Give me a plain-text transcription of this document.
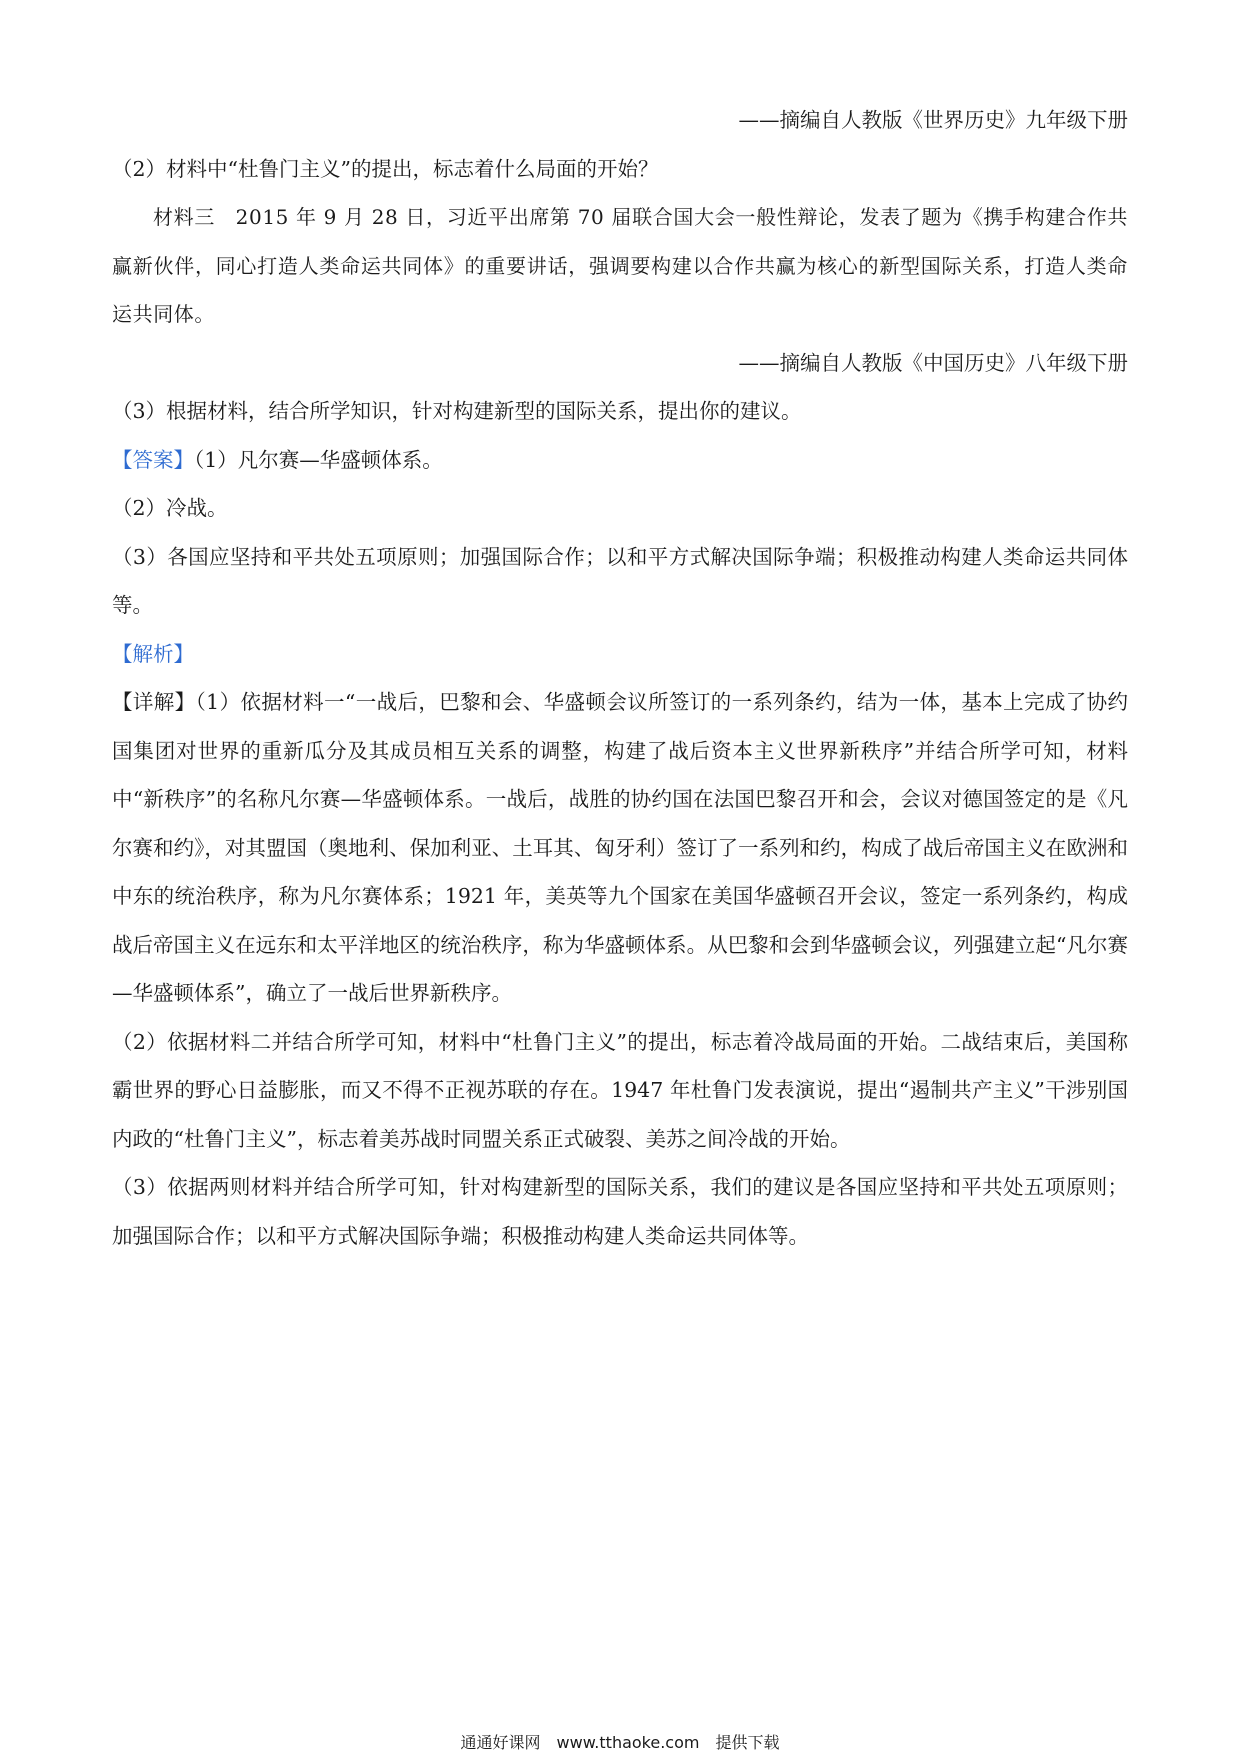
——摘编自人教版《世界历史》九年级下册
（2）材料中“杜鲁门主义”的提出，标志着什么局面的开始？
材料三　2015 年 9 月 28 日，习近平出席第 70 届联合国大会一般性辩论，发表了题为《携手构建合作共赢新伙伴，同心打造人类命运共同体》的重要讲话，强调要构建以合作共赢为核心的新型国际关系，打造人类命运共同体。
——摘编自人教版《中国历史》八年级下册
（3）根据材料，结合所学知识，针对构建新型的国际关系，提出你的建议。
【答案】（1）凡尔赛—华盛顿体系。
（2）冷战。
（3）各国应坚持和平共处五项原则；加强国际合作；以和平方式解决国际争端；积极推动构建人类命运共同体等。
【解析】
【详解】（1）依据材料一“一战后，巴黎和会、华盛顿会议所签订的一系列条约，结为一体，基本上完成了协约国集团对世界的重新瓜分及其成员相互关系的调整，构建了战后资本主义世界新秩序”并结合所学可知，材料中“新秩序”的名称凡尔赛—华盛顿体系。一战后，战胜的协约国在法国巴黎召开和会，会议对德国签定的是《凡尔赛和约》，对其盟国（奥地利、保加利亚、土耳其、匈牙利）签订了一系列和约，构成了战后帝国主义在欧洲和中东的统治秩序，称为凡尔赛体系；1921 年，美英等九个国家在美国华盛顿召开会议，签定一系列条约，构成战后帝国主义在远东和太平洋地区的统治秩序，称为华盛顿体系。从巴黎和会到华盛顿会议，列强建立起“凡尔赛—华盛顿体系”，确立了一战后世界新秩序。
（2）依据材料二并结合所学可知，材料中“杜鲁门主义”的提出，标志着冷战局面的开始。二战结束后，美国称霸世界的野心日益膨胀，而又不得不正视苏联的存在。1947 年杜鲁门发表演说，提出“遏制共产主义”干涉别国内政的“杜鲁门主义”，标志着美苏战时同盟关系正式破裂、美苏之间冷战的开始。
（3）依据两则材料并结合所学可知，针对构建新型的国际关系，我们的建议是各国应坚持和平共处五项原则；加强国际合作；以和平方式解决国际争端；积极推动构建人类命运共同体等。
通通好课网　www.tthaoke.com　提供下载
